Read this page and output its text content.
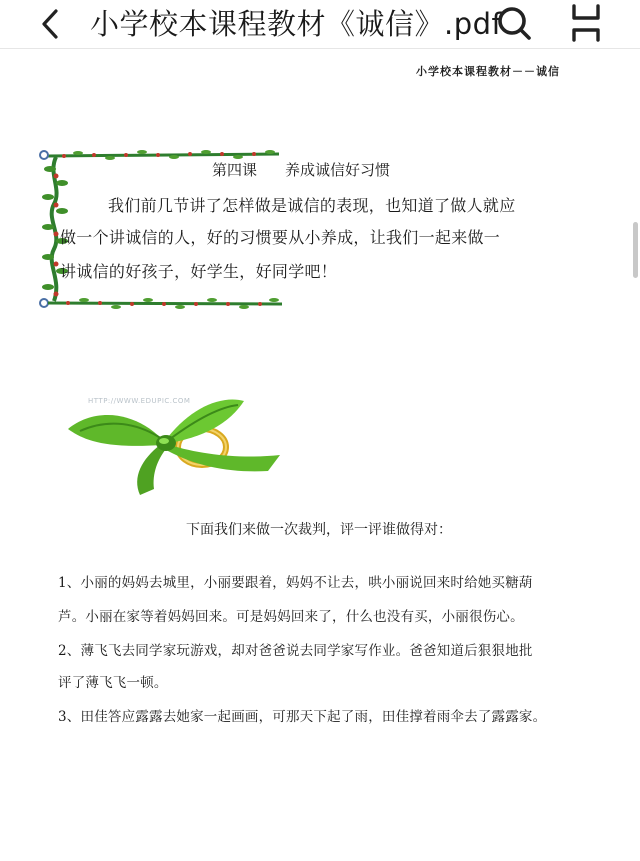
小学校本课程教材《诚信》.pdf
小学校本课程教材－－诚信
第四课 养成诚信好习惯
我们前几节讲了怎样做是诚信的表现，也知道了做人就应
做一个讲诚信的人，好的习惯要从小养成，让我们一起来做一
讲诚信的好孩子，好学生，好同学吧！
HTTP://WWW.EDUPIC.COM
下面我们来做一次裁判，评一评谁做得对：
1、小丽的妈妈去城里，小丽要跟着，妈妈不让去，哄小丽说回来时给她买糖葫
芦。小丽在家等着妈妈回来。可是妈妈回来了，什么也没有买，小丽很伤心。
2、薄飞飞去同学家玩游戏，却对爸爸说去同学家写作业。爸爸知道后狠狠地批
评了薄飞飞一顿。
3、田佳答应露露去她家一起画画，可那天下起了雨，田佳撑着雨伞去了露露家。
